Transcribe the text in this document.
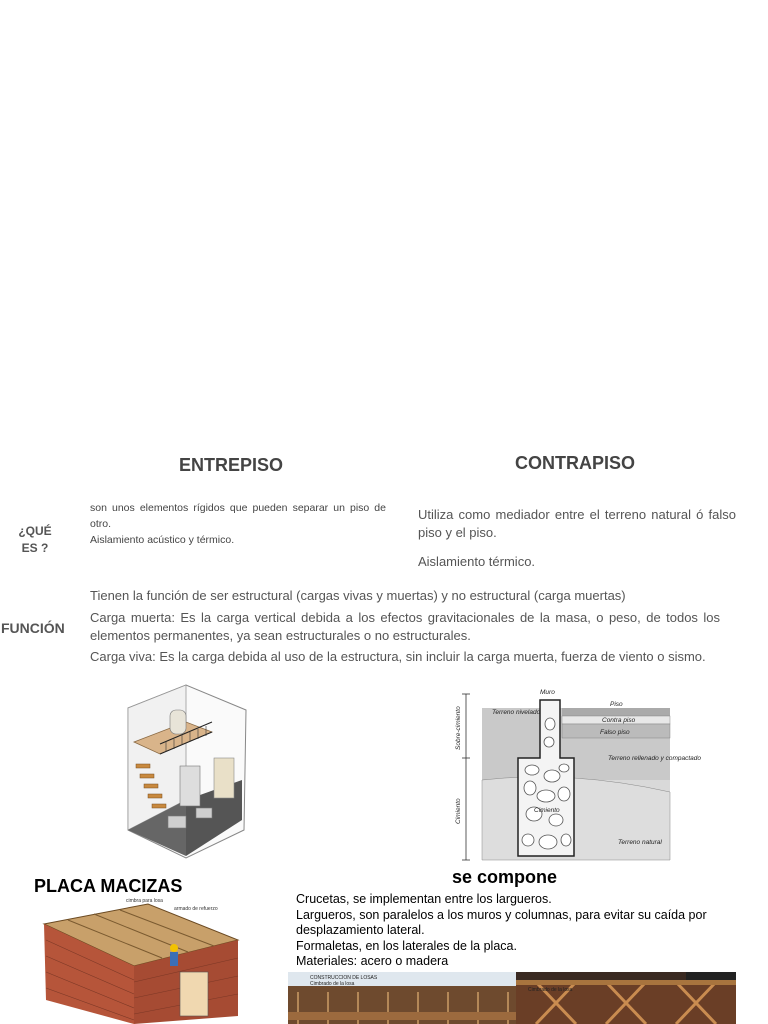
ENTREPISO	CONTRAPISO
¿QUÉ ES ?
son unos elementos rígidos que pueden separar un piso de otro.
Aislamiento acústico y térmico.
Utiliza como mediador entre el terreno natural ó falso piso y el piso.
Aislamiento térmico.
FUNCIÓN
Tienen la función de ser estructural (cargas vivas y muertas) y no estructural (carga muertas)
Carga muerta: Es la carga vertical debida a los efectos gravitacionales de la masa, o peso, de todos los elementos permanentes, ya sean estructurales o no estructurales.
Carga viva: Es la carga debida al uso de la estructura, sin incluir la carga muerta, fuerza de viento o sismo.
Muro
Piso
Terreno nivelado
Contra piso
Falso piso
Terreno rellenado y compactado
Cimiento
Terreno natural
Sobre-cimiento
Cimiento
PLACA MACIZAS
cimbra para losa
armado de refuerzo
se compone
Crucetas, se implementan entre los largueros.
Largueros, son paralelos a los muros y columnas, para evitar su caída por desplazamiento lateral.
Formaletas, en los laterales de la placa.
Materiales: acero o madera
CONSTRUCCION DE LOSAS
Cimbrado de la losa
Cimbrado de la losa
